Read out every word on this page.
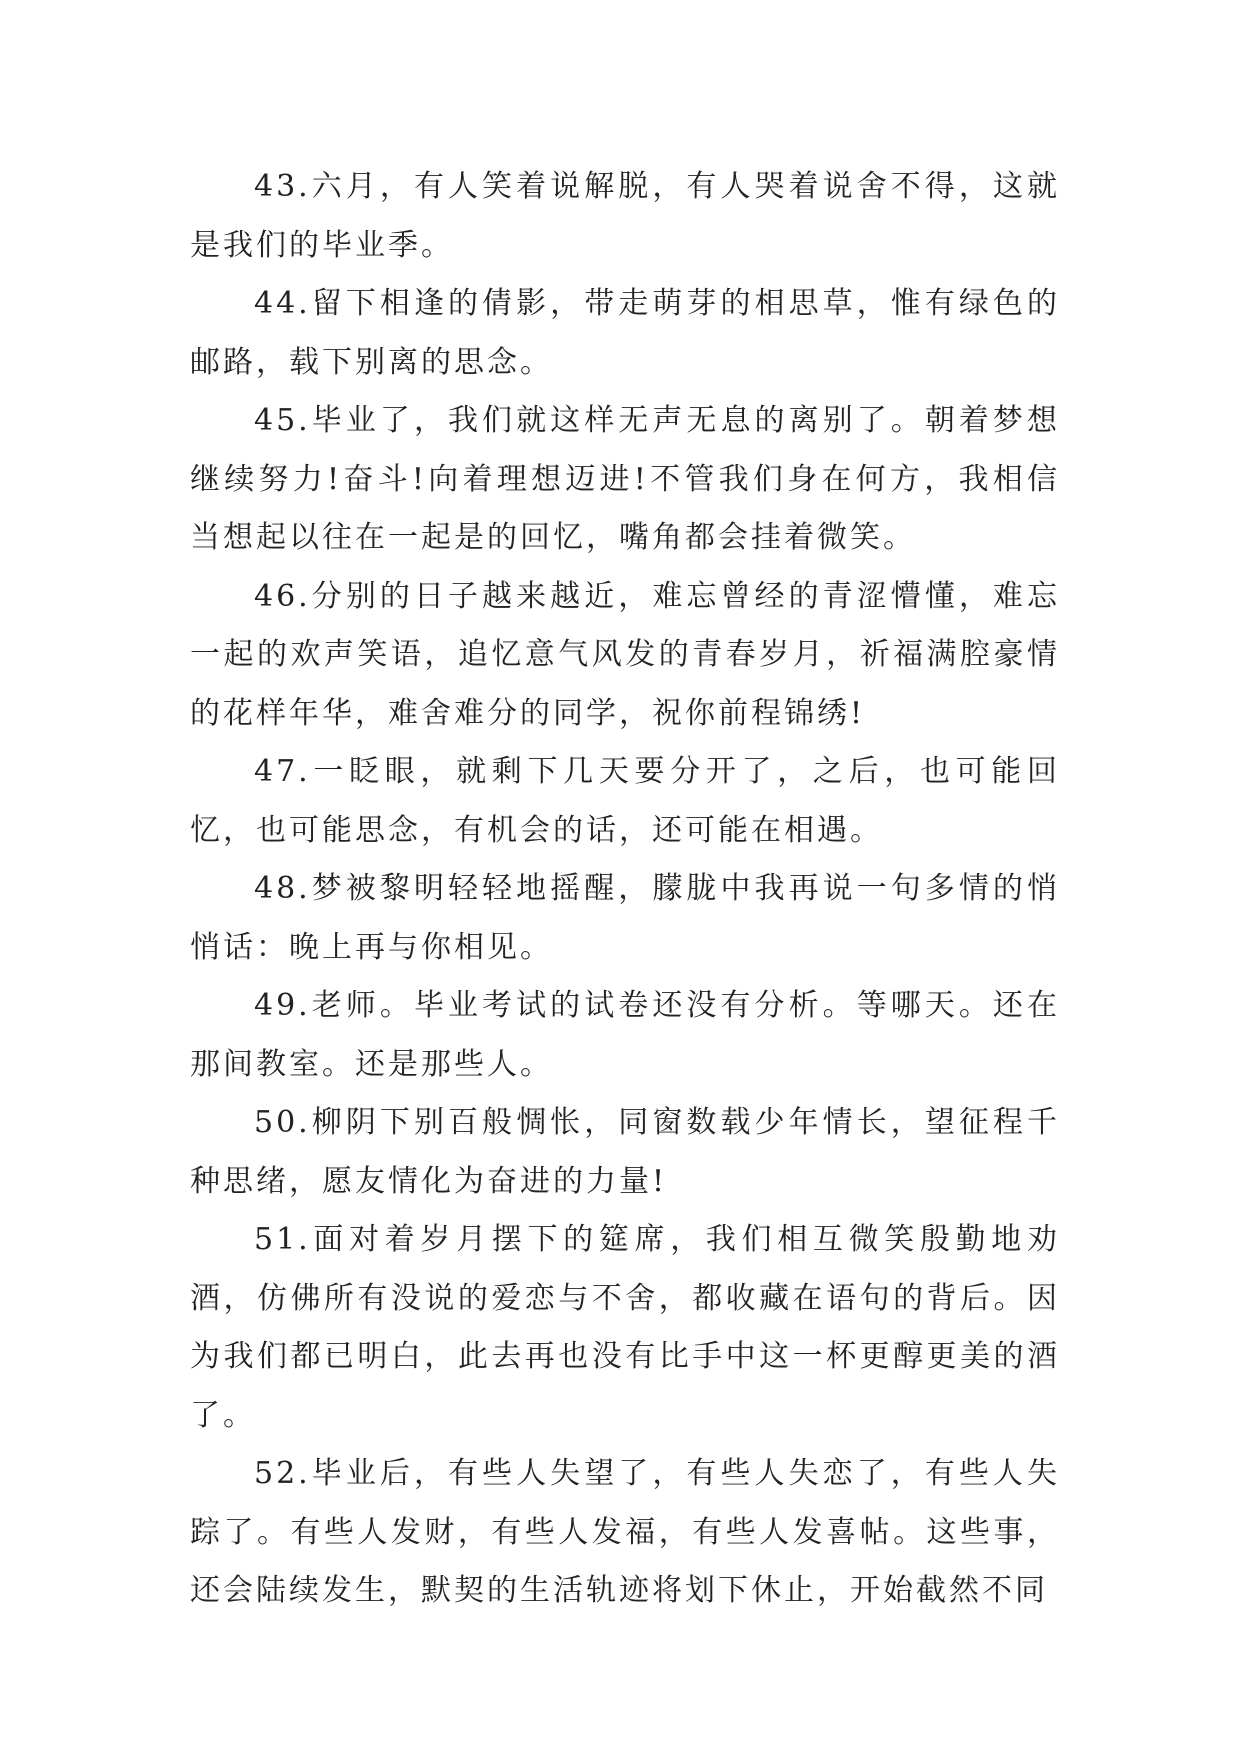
43.六月，有人笑着说解脱，有人哭着说舍不得，这就是我们的毕业季。

44.留下相逢的倩影，带走萌芽的相思草，惟有绿色的邮路，载下别离的思念。

45.毕业了，我们就这样无声无息的离别了。朝着梦想继续努力!奋斗!向着理想迈进!不管我们身在何方，我相信当想起以往在一起是的回忆，嘴角都会挂着微笑。

46.分别的日子越来越近，难忘曾经的青涩懵懂，难忘一起的欢声笑语，追忆意气风发的青春岁月，祈福满腔豪情的花样年华，难舍难分的同学，祝你前程锦绣!

47.一眨眼，就剩下几天要分开了，之后，也可能回忆，也可能思念，有机会的话，还可能在相遇。

48.梦被黎明轻轻地摇醒，朦胧中我再说一句多情的悄悄话：晚上再与你相见。

49.老师。毕业考试的试卷还没有分析。等哪天。还在那间教室。还是那些人。

50.柳阴下别百般惆怅，同窗数载少年情长，望征程千种思绪，愿友情化为奋进的力量!

51.面对着岁月摆下的筵席，我们相互微笑殷勤地劝酒，仿佛所有没说的爱恋与不舍，都收藏在语句的背后。因为我们都已明白，此去再也没有比手中这一杯更醇更美的酒了。

52.毕业后，有些人失望了，有些人失恋了，有些人失踪了。有些人发财，有些人发福，有些人发喜帖。这些事，还会陆续发生，默契的生活轨迹将划下休止，开始截然不同
